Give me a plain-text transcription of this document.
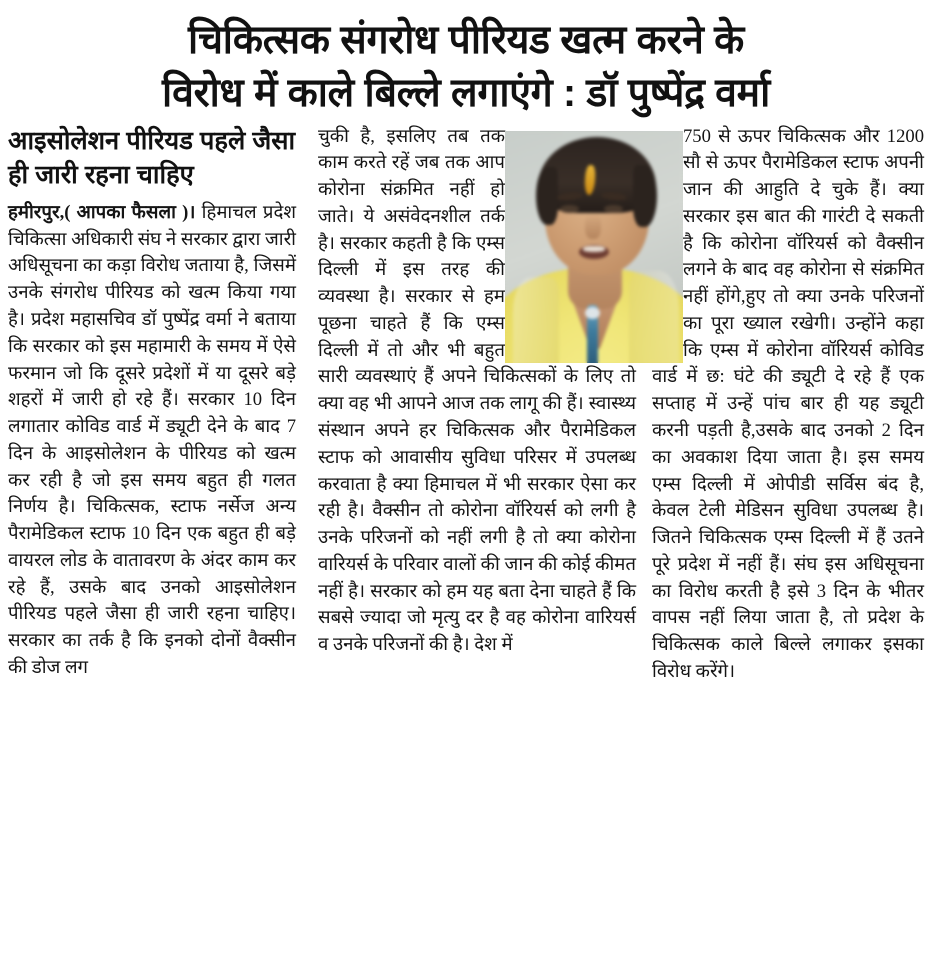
चिकित्सक संगरोध पीरियड खत्म करने के
विरोध में काले बिल्ले लगाएंगे : डॉ पुष्पेंद्र वर्मा
आइसोलेशन पीरियड पहले जैसा ही जारी रहना चाहिए

हमीरपुर,( आपका फैसला )। हिमाचल प्रदेश चिकित्सा अधिकारी संघ ने सरकार द्वारा जारी अधिसूचना का कड़ा विरोध जताया है, जिसमें उनके संगरोध पीरियड को खत्म किया गया है। प्रदेश महासचिव डॉ पुष्पेंद्र वर्मा ने बताया कि सरकार को इस महामारी के समय में ऐसे फरमान जो कि दूसरे प्रदेशों में या दूसरे बड़े शहरों में जारी हो रहे हैं। सरकार 10 दिन लगातार कोविड वार्ड में ड्यूटी देने के बाद 7 दिन के आइसोलेशन के पीरियड को खत्म कर रही है जो इस समय बहुत ही गलत निर्णय है। चिकित्सक, स्टाफ नर्सेज अन्य पैरामेडिकल स्टाफ 10 दिन एक बहुत ही बड़े वायरल लोड के वातावरण के अंदर काम कर रहे हैं, उसके बाद उनको आइसोलेशन पीरियड पहले जैसा ही जारी रहना चाहिए। सरकार का तर्क है कि इनको दोनों वैक्सीन की डोज लग

चुकी है, इसलिए तब तक काम करते रहें जब तक आप कोरोना संक्रमित नहीं हो जाते। ये असंवेदनशील तर्क है। सरकार कहती है कि एम्स दिल्ली में इस तरह की व्यवस्था है। सरकार से हम पूछना चाहते हैं कि एम्स दिल्ली में तो और भी बहुत सारी व्यवस्थाएं हैं अपने चिकित्सकों के लिए तो क्या वह भी आपने आज तक लागू की हैं। स्वास्थ्य संस्थान अपने हर चिकित्सक और पैरामेडिकल स्टाफ को आवासीय सुविधा परिसर में उपलब्ध करवाता है क्या हिमाचल में भी सरकार ऐसा कर रही है। वैक्सीन तो कोरोना वॉरियर्स को लगी है उनके परिजनों को नहीं लगी है तो क्या कोरोना वारियर्स के परिवार वालों की जान की कोई कीमत नहीं है। सरकार को हम यह बता देना चाहते हैं कि सबसे ज्यादा जो मृत्यु दर है वह कोरोना वारियर्स व उनके परिजनों की है। देश में

750 से ऊपर चिकित्सक और 1200 सौ से ऊपर पैरामेडिकल स्टाफ अपनी जान की आहुति दे चुके हैं। क्या सरकार इस बात की गारंटी दे सकती है कि कोरोना वॉरियर्स को वैक्सीन लगने के बाद वह कोरोना से संक्रमित नहीं होंगे,हुए तो क्या उनके परिजनों का पूरा ख्याल रखेगी। उन्होंने कहा कि एम्स में कोरोना वॉरियर्स कोविड वार्ड में छ: घंटे की ड्यूटी दे रहे हैं एक सप्ताह में उन्हें पांच बार ही यह ड्यूटी करनी पड़ती है,उसके बाद उनको 2 दिन का अवकाश दिया जाता है। इस समय एम्स दिल्ली में ओपीडी सर्विस बंद है, केवल टेली मेडिसन सुविधा उपलब्ध है। जितने चिकित्सक एम्स दिल्ली में हैं उतने पूरे प्रदेश में नहीं हैं। संघ इस अधिसूचना का विरोध करती है इसे 3 दिन के भीतर वापस नहीं लिया जाता है, तो प्रदेश के चिकित्सक काले बिल्ले लगाकर इसका विरोध करेंगे।
